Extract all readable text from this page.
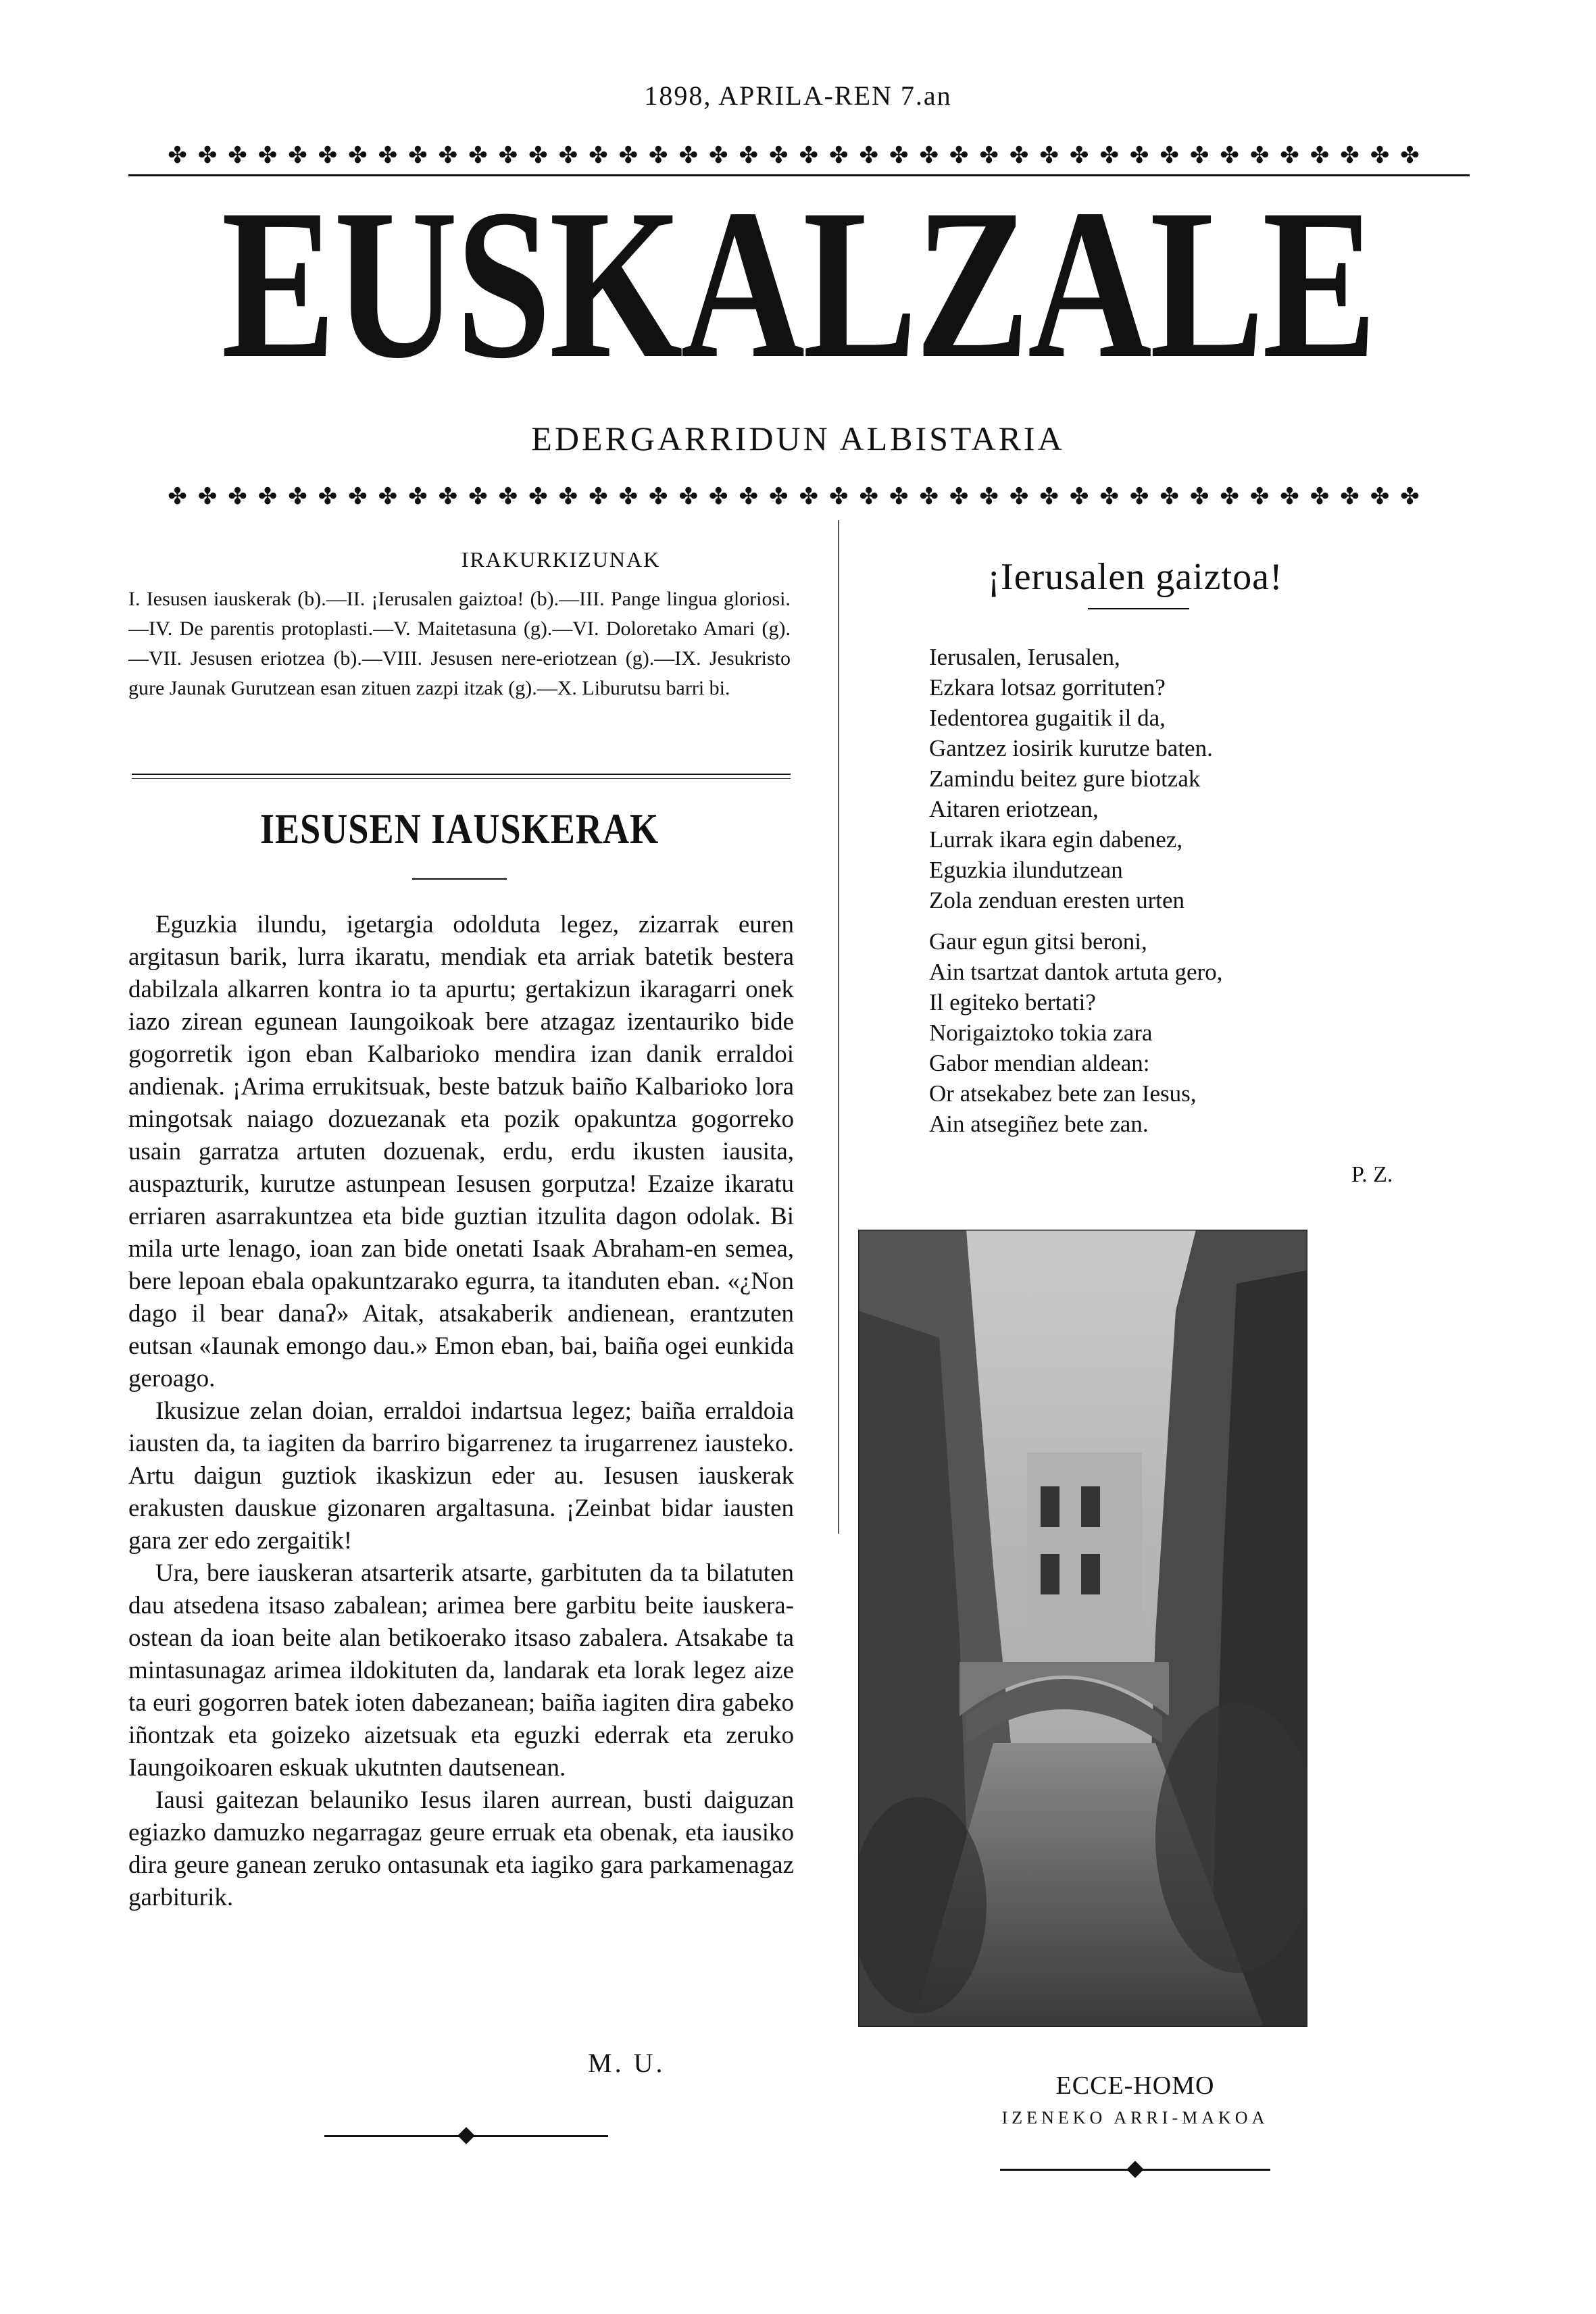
1898, APRILA-REN 7.an
✤✤✤✤✤✤✤✤✤✤✤✤✤✤✤✤✤✤✤✤✤✤✤✤✤✤✤✤✤✤✤✤✤✤✤✤✤✤✤✤✤✤
EUSKALZALE
EDERGARRIDUN ALBISTARIA
✤✤✤✤✤✤✤✤✤✤✤✤✤✤✤✤✤✤✤✤✤✤✤✤✤✤✤✤✤✤✤✤✤✤✤✤✤✤✤✤✤✤
IRAKURKIZUNAK
I. Iesusen iauskerak (b).—II. ¡Ierusalen gaiztoa! (b).—III. Pange lingua gloriosi.—IV. De parentis protoplasti.—V. Maitetasuna (g).—VI. Doloretako Amari (g).—VII. Jesusen eriotzea (b).—VIII. Jesusen nere-eriotzean (g).—IX. Jesukristo gure Jaunak Gurutzean esan zituen zazpi itzak (g).—X. Liburutsu barri bi.
IESUSEN IAUSKERAK

Eguzkia ilundu, igetargia odolduta legez, zizarrak euren argitasun barik, lurra ikaratu, mendiak eta arriak batetik bestera dabilzala alkarren kontra io ta apurtu; gertakizun ikaragarri onek iazo zirean egunean Iaungoikoak bere atzagaz izentauriko bide gogorretik igon eban Kalbarioko mendira izan danik erraldoi andienak. ¡Arima errukitsuak, beste batzuk baiño Kalbarioko lora mingotsak naiago dozuezanak eta pozik opakuntza gogorreko usain garratza artuten dozuenak, erdu, erdu ikusten iausita, auspazturik, kurutze astunpean Iesusen gorputza! Ezaize ikaratu erriaren asarrakuntzea eta bide guztian itzulita dagon odolak. Bi mila urte lenago, ioan zan bide onetati Isaak Abraham-en semea, bere lepoan ebala opakuntzarako egurra, ta itanduten eban. «¿Non dago il bear danaʔ» Aitak, atsakaberik andienean, erantzuten eutsan «Iaunak emongo dau.» Emon eban, bai, baiña ogei eunkida geroago.

Ikusizue zelan doian, erraldoi indartsua legez; baiña erraldoia iausten da, ta iagiten da barriro bigarrenez ta irugarrenez iausteko. Artu daigun guztiok ikaskizun eder au. Iesusen iauskerak erakusten dauskue gizonaren argaltasuna. ¡Zeinbat bidar iausten gara zer edo zergaitik!

Ura, bere iauskeran atsarterik atsarte, garbituten da ta bilatuten dau atsedena itsaso zabalean; arimea bere garbitu beite iauskera-ostean da ioan beite alan betikoerako itsaso zabalera. Atsakabe ta mintasunagaz arimea ildokituten da, landarak eta lorak legez aize ta euri gogorren batek ioten dabezanean; baiña iagiten dira gabeko iñontzak eta goizeko aizetsuak eta eguzki ederrak eta zeruko Iaungoikoaren eskuak ukutnten dautsenean.

Iausi gaitezan belauniko Iesus ilaren aurrean, busti daiguzan egiazko damuzko negarragaz geure erruak eta obenak, eta iausiko dira geure ganean zeruko ontasunak eta iagiko gara parkamenagaz garbiturik.

M. U.
¡Ierusalen gaiztoa!
Ierusalen, Ierusalen,
Ezkara lotsaz gorrituten?
Iedentorea gugaitik il da,
Gantzez iosirik kurutze baten.
Zamindu beitez gure biotzak
Aitaren eriotzean,
Lurrak ikara egin dabenez,
Eguzkia ilundutzean
Zola zenduan eresten urten
Gaur egun gitsi beroni,
Ain tsartzat dantok artuta gero,
Il egiteko bertati?
Norigaiztoko tokia zara
Gabor mendian aldean:
Or atsekabez bete zan Iesus,
Ain atsegiñez bete zan.
P. Z.
ECCE-HOMO
IZENEKO ARRI-MAKOA
